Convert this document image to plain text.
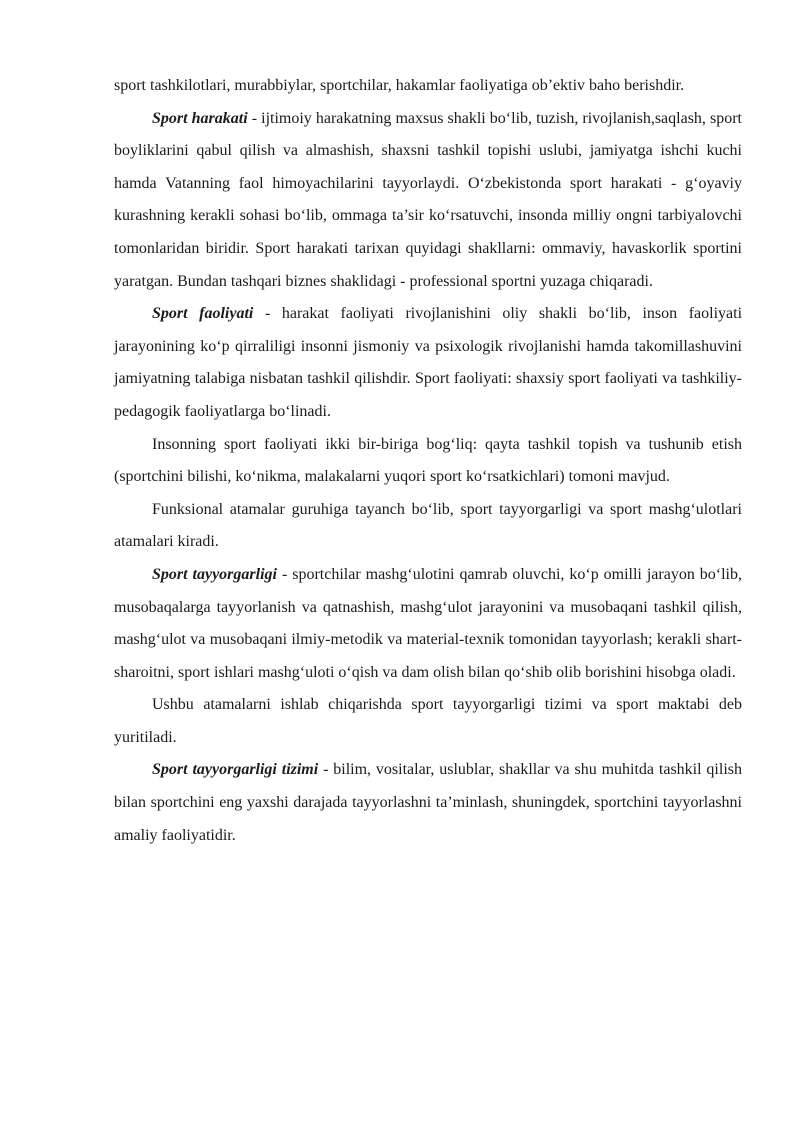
sport tashkilotlari, murabbiylar, sportchilar, hakamlar faoliyatiga ob’ektiv baho berishdir.

Sport harakati - ijtimoiy harakatning maxsus shakli bo‘lib, tuzish, rivojlanish,saqlash, sport boyliklarini qabul qilish va almashish, shaxsni tashkil topishi uslubi, jamiyatga ishchi kuchi hamda Vatanning faol himoyachilarini tayyorlaydi. O‘zbekistonda sport harakati - g‘oyaviy kurashning kerakli sohasi bo‘lib, ommaga ta’sir ko‘rsatuvchi, insonda milliy ongni tarbiyalovchi tomonlaridan biridir. Sport harakati tarixan quyidagi shakllarni: ommaviy, havaskorlik sportini yaratgan. Bundan tashqari biznes shaklidagi - professional sportni yuzaga chiqaradi.

Sport faoliyati - harakat faoliyati rivojlanishini oliy shakli bo‘lib, inson faoliyati jarayonining ko‘p qirraliligi insonni jismoniy va psixologik rivojlanishi hamda takomillashuvini jamiyatning talabiga nisbatan tashkil qilishdir. Sport faoliyati: shaxsiy sport faoliyati va tashkiliy-pedagogik faoliyatlarga bo‘linadi.

Insonning sport faoliyati ikki bir-biriga bog‘liq: qayta tashkil topish va tushunib etish (sportchini bilishi, ko‘nikma, malakalarni yuqori sport ko‘rsatkichlari) tomoni mavjud.

Funksional atamalar guruhiga tayanch bo‘lib, sport tayyorgarligi va sport mashg‘ulotlari atamalari kiradi.

Sport tayyorgarligi - sportchilar mashg‘ulotini qamrab oluvchi, ko‘p omilli jarayon bo‘lib, musobaqalarga tayyorlanish va qatnashish, mashg‘ulot jarayonini va musobaqani tashkil qilish, mashg‘ulot va musobaqani ilmiy-metodik va material-texnik tomonidan tayyorlash; kerakli shart-sharoitni, sport ishlari mashg‘uloti o‘qish va dam olish bilan qo‘shib olib borishini hisobga oladi.

Ushbu atamalarni ishlab chiqarishda sport tayyorgarligi tizimi va sport maktabi deb yuritiladi.

Sport tayyorgarligi tizimi - bilim, vositalar, uslublar, shakllar va shu muhitda tashkil qilish bilan sportchini eng yaxshi darajada tayyorlashni ta’minlash, shuningdek, sportchini tayyorlashni amaliy faoliyatidir.
